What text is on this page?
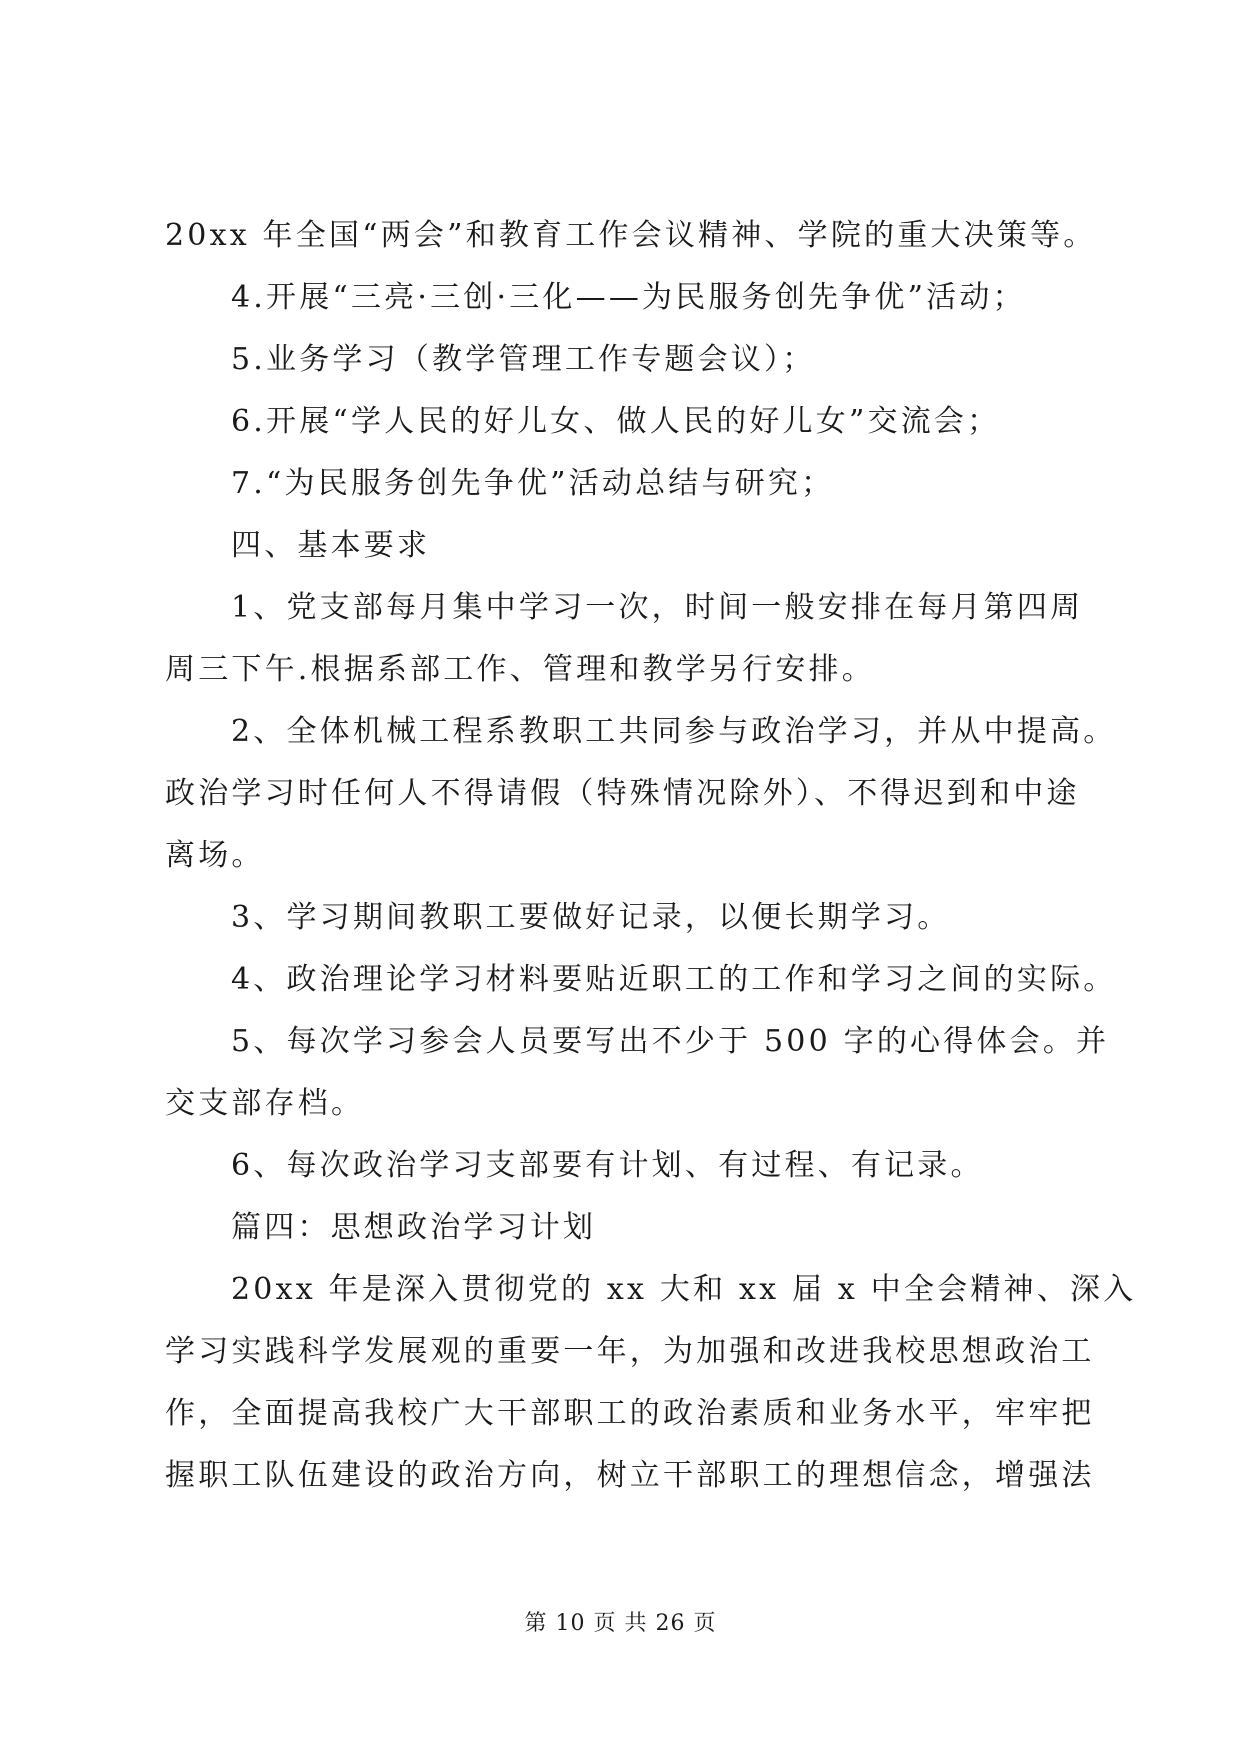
20xx 年全国“两会”和教育工作会议精神、学院的重大决策等。
4.开展“三亮·三创·三化——为民服务创先争优”活动；
5.业务学习（教学管理工作专题会议）；
6.开展“学人民的好儿女、做人民的好儿女”交流会；
7.“为民服务创先争优”活动总结与研究；
四、基本要求
1、党支部每月集中学习一次，时间一般安排在每月第四周
周三下午.根据系部工作、管理和教学另行安排。
2、全体机械工程系教职工共同参与政治学习，并从中提高。
政治学习时任何人不得请假（特殊情况除外）、不得迟到和中途
离场。
3、学习期间教职工要做好记录，以便长期学习。
4、政治理论学习材料要贴近职工的工作和学习之间的实际。
5、每次学习参会人员要写出不少于 500 字的心得体会。并
交支部存档。
6、每次政治学习支部要有计划、有过程、有记录。
篇四：思想政治学习计划
20xx 年是深入贯彻党的 xx 大和 xx 届 x 中全会精神、深入
学习实践科学发展观的重要一年，为加强和改进我校思想政治工
作，全面提高我校广大干部职工的政治素质和业务水平，牢牢把
握职工队伍建设的政治方向，树立干部职工的理想信念，增强法
第 10 页 共 26 页
